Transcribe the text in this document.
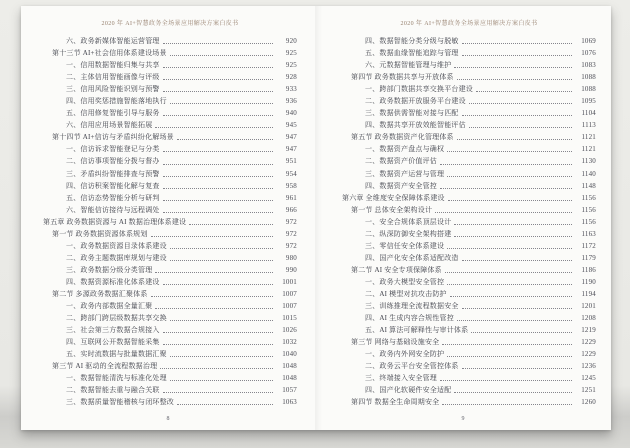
2020 年 AI+智慧政务全场景应用解决方案白皮书
六、政务新媒体智能运营管理	920
第十三节 AI+社会信用体系建设场景	925
一、信用数据智能归集与共享	925
二、主体信用智能画像与评级	928
三、信用风险智能识别与预警	933
四、信用奖惩措施智能落地执行	936
五、信用修复智能引导与服务	940
六、信用应用场景智能拓展	945
第十四节 AI+信访与矛盾纠纷化解场景	947
一、信访诉求智能登记与分类	947
二、信访事项智能分拨与督办	951
三、矛盾纠纷智能排查与预警	954
四、信访积案智能化解与复查	958
五、信访态势智能分析与研判	961
六、智能信访接待与远程调处	966
第五章 政务数据资源与 AI 数据治理体系建设	972
第一节 政务数据资源体系规划	972
一、政务数据资源目录体系建设	972
二、政务主题数据库规划与建设	980
三、政务数据分级分类管理	990
四、数据资源标准化体系建设	1001
第二节 多源政务数据汇聚体系	1007
一、政务内部数据全量汇聚	1007
二、跨部门跨层级数据共享交换	1015
三、社会第三方数据合规接入	1026
四、互联网公开数据智能采集	1032
五、实时流数据与批量数据汇聚	1040
第三节 AI 驱动的全流程数据治理	1048
一、数据智能清洗与标准化处理	1048
二、数据智能去重与融合关联	1057
三、数据质量智能稽核与闭环整改	1063
8
2020 年 AI+智慧政务全场景应用解决方案白皮书
四、数据智能分类分级与脱敏	1069
五、数据血缘智能追踪与管理	1076
六、元数据智能管理与维护	1083
第四节 政务数据共享与开放体系	1088
一、跨部门数据共享交换平台建设	1088
二、政务数据开放服务平台建设	1095
三、数据供需智能对接与匹配	1104
四、数据共享开放效能智能评估	1113
第五节 政务数据资产化管理体系	1121
一、数据资产盘点与确权	1121
二、数据资产价值评估	1130
三、数据资产运营与管理	1140
四、数据资产安全管控	1148
第六章 全维度安全保障体系建设	1156
第一节 总体安全架构设计	1156
一、安全合规体系顶层设计	1156
二、纵深防御安全架构搭建	1163
三、零信任安全体系建设	1172
四、国产化安全体系适配改造	1179
第二节 AI 安全专项保障体系	1186
一、政务大模型安全管控	1190
二、AI 模型对抗攻击防护	1194
三、训练推理全流程数据安全	1201
四、AI 生成内容合规性管控	1208
五、AI 算法可解释性与审计体系	1219
第三节 网络与基础设施安全	1229
一、政务内外网安全防护	1229
二、政务云平台安全管控体系	1236
三、终端接入安全管理	1245
四、国产化软硬件安全适配	1251
第四节 数据全生命周期安全	1260
9
